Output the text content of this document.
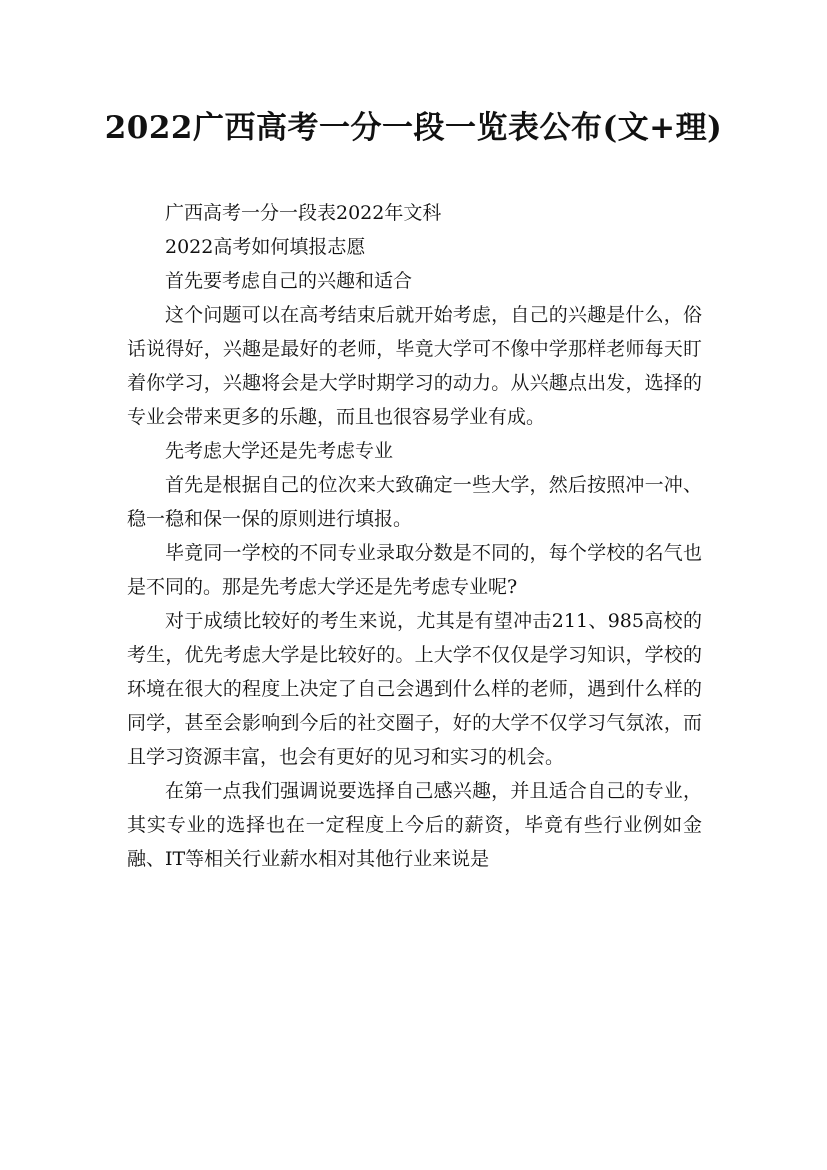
2022广西高考一分一段一览表公布(文+理)

广西高考一分一段表2022年文科

2022高考如何填报志愿

首先要考虑自己的兴趣和适合

这个问题可以在高考结束后就开始考虑，自己的兴趣是什么，俗话说得好，兴趣是最好的老师，毕竟大学可不像中学那样老师每天盯着你学习，兴趣将会是大学时期学习的动力。从兴趣点出发，选择的专业会带来更多的乐趣，而且也很容易学业有成。

先考虑大学还是先考虑专业

首先是根据自己的位次来大致确定一些大学，然后按照冲一冲、稳一稳和保一保的原则进行填报。

毕竟同一学校的不同专业录取分数是不同的，每个学校的名气也是不同的。那是先考虑大学还是先考虑专业呢?

对于成绩比较好的考生来说，尤其是有望冲击211、985高校的考生，优先考虑大学是比较好的。上大学不仅仅是学习知识，学校的环境在很大的程度上决定了自己会遇到什么样的老师，遇到什么样的同学，甚至会影响到今后的社交圈子，好的大学不仅学习气氛浓，而且学习资源丰富，也会有更好的见习和实习的机会。

在第一点我们强调说要选择自己感兴趣，并且适合自己的专业，其实专业的选择也在一定程度上今后的薪资，毕竟有些行业例如金融、IT等相关行业薪水相对其他行业来说是
